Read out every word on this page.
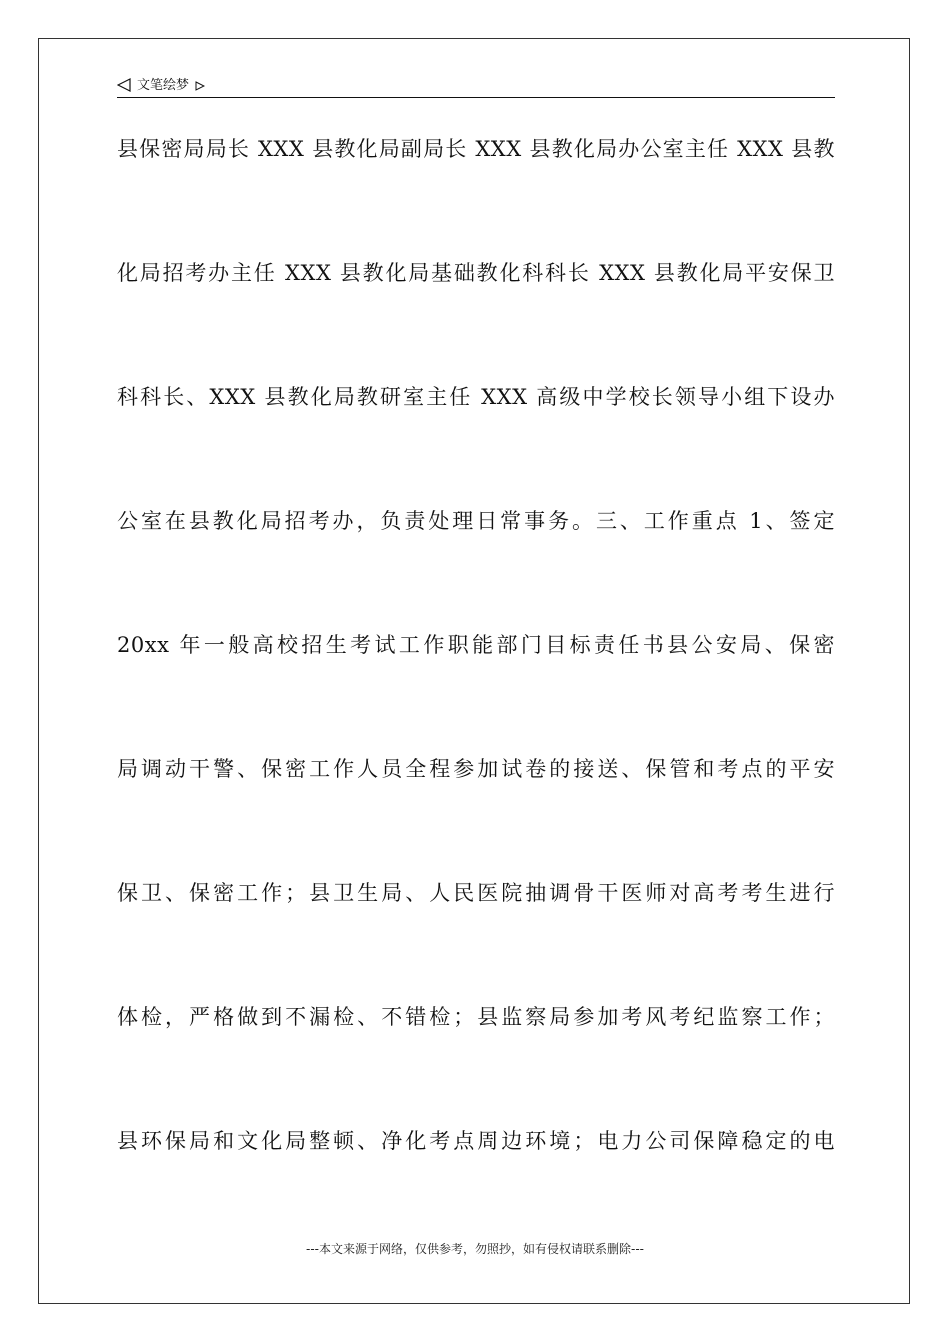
文笔绘梦
县保密局局长 XXX 县教化局副局长 XXX 县教化局办公室主任 XXX 县教
化局招考办主任 XXX 县教化局基础教化科科长 XXX 县教化局平安保卫
科科长、XXX 县教化局教研室主任 XXX 高级中学校长领导小组下设办
公室在县教化局招考办，负责处理日常事务。三、工作重点 1、签定
20xx 年一般高校招生考试工作职能部门目标责任书县公安局、保密
局调动干警、保密工作人员全程参加试卷的接送、保管和考点的平安
保卫、保密工作；县卫生局、人民医院抽调骨干医师对高考考生进行
体检，严格做到不漏检、不错检；县监察局参加考风考纪监察工作；
县环保局和文化局整顿、净化考点周边环境；电力公司保障稳定的电
---本文来源于网络，仅供参考，勿照抄，如有侵权请联系删除---
